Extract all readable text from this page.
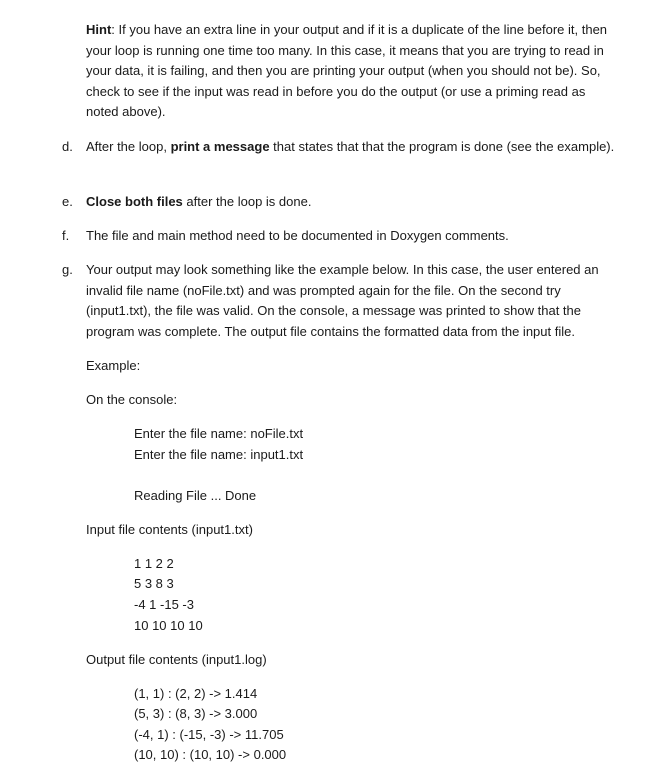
Hint: If you have an extra line in your output and if it is a duplicate of the line before it, then your loop is running one time too many. In this case, it means that you are trying to read in your data, it is failing, and then you are printing your output (when you should not be). So, check to see if the input was read in before you do the output (or use a priming read as noted above).
d.	After the loop, print a message that states that that the program is done (see the example).
e.	Close both files after the loop is done.
f.	The file and main method need to be documented in Doxygen comments.
g.	Your output may look something like the example below. In this case, the user entered an invalid file name (noFile.txt) and was prompted again for the file. On the second try (input1.txt), the file was valid. On the console, a message was printed to show that the program was complete. The output file contains the formatted data from the input file.
Example:
On the console:
Enter the file name: noFile.txt
Enter the file name: input1.txt
Reading File ... Done
Input file contents (input1.txt)
1 1 2 2
5 3 8 3
-4 1 -15 -3
10 10 10 10
Output file contents (input1.log)
(1, 1) : (2, 2) -> 1.414
(5, 3) : (8, 3) -> 3.000
(-4, 1) : (-15, -3) -> 11.705
(10, 10) : (10, 10) -> 0.000
